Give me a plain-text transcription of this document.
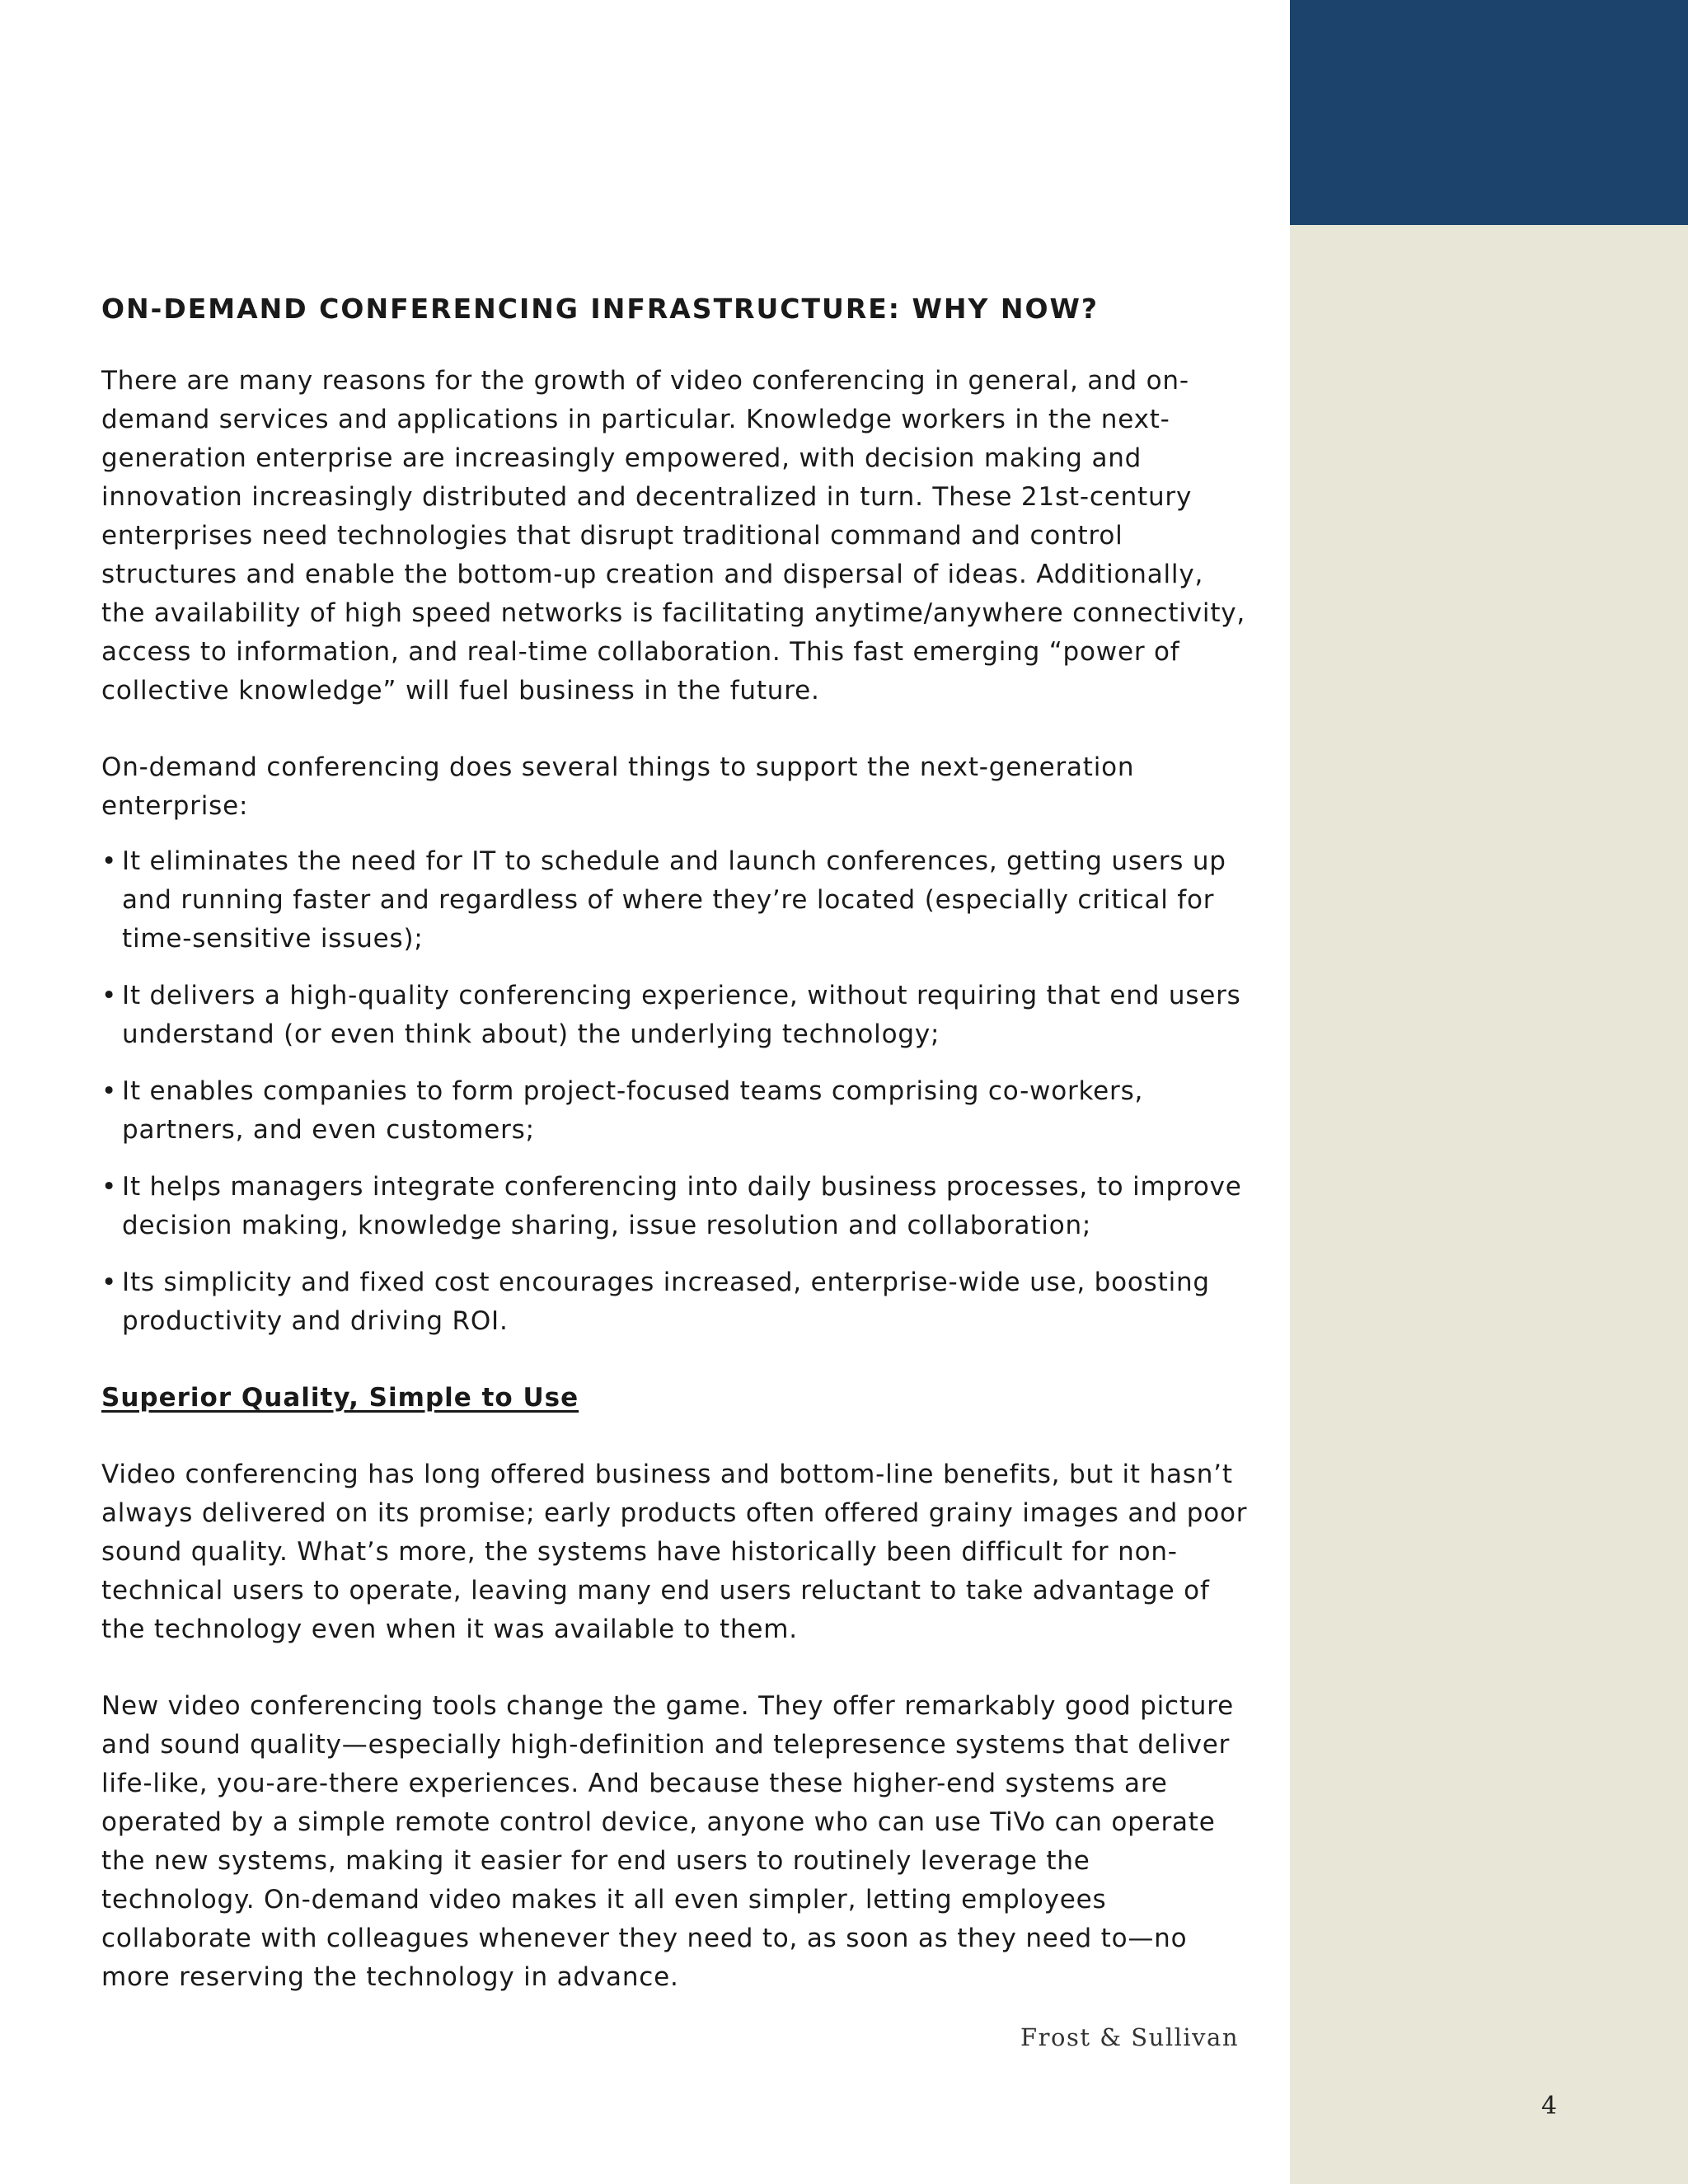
ON-DEMAND CONFERENCING INFRASTRUCTURE: WHY NOW?

There are many reasons for the growth of video conferencing in general, and on-demand services and applications in particular. Knowledge workers in the next-generation enterprise are increasingly empowered, with decision making and innovation increasingly distributed and decentralized in turn. These 21st-century enterprises need technologies that disrupt traditional command and control structures and enable the bottom-up creation and dispersal of ideas. Additionally, the availability of high speed networks is facilitating anytime/anywhere connectivity, access to information, and real-time collaboration. This fast emerging “power of collective knowledge” will fuel business in the future.

On-demand conferencing does several things to support the next-generation enterprise:

• It eliminates the need for IT to schedule and launch conferences, getting users up and running faster and regardless of where they’re located (especially critical for time-sensitive issues);
• It delivers a high-quality conferencing experience, without requiring that end users understand (or even think about) the underlying technology;
• It enables companies to form project-focused teams comprising co-workers, partners, and even customers;
• It helps managers integrate conferencing into daily business processes, to improve decision making, knowledge sharing, issue resolution and collaboration;
• Its simplicity and fixed cost encourages increased, enterprise-wide use, boosting productivity and driving ROI.
Superior Quality, Simple to Use

Video conferencing has long offered business and bottom-line benefits, but it hasn’t always delivered on its promise; early products often offered grainy images and poor sound quality. What’s more, the systems have historically been difficult for non-technical users to operate, leaving many end users reluctant to take advantage of the technology even when it was available to them.

New video conferencing tools change the game. They offer remarkably good picture and sound quality—especially high-definition and telepresence systems that deliver life-like, you-are-there experiences. And because these higher-end systems are operated by a simple remote control device, anyone who can use TiVo can operate the new systems, making it easier for end users to routinely leverage the technology. On-demand video makes it all even simpler, letting employees collaborate with colleagues whenever they need to, as soon as they need to—no more reserving the technology in advance.

Frost & Sullivan
4
